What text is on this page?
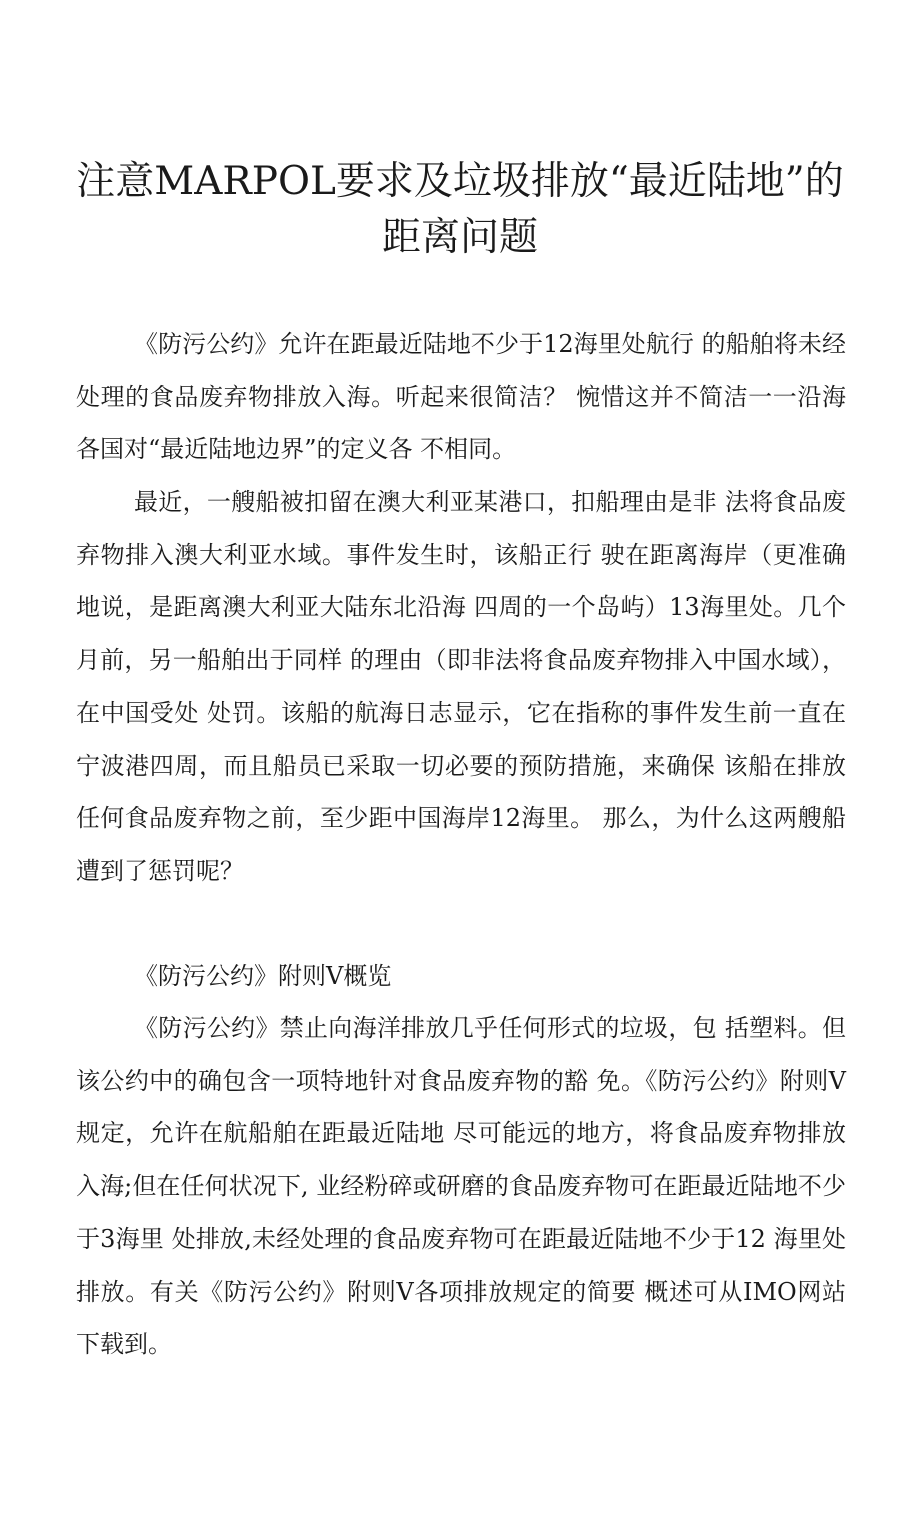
注意MARPOL要求及垃圾排放“最近陆地”的距离问题

《防污公约》允许在距最近陆地不少于12海里处航行 的船舶将未经处理的食品废弃物排放入海。听起来很简洁？ 惋惜这并不简洁一一沿海各国对“最近陆地边界”的定义各 不相同。

最近，一艘船被扣留在澳大利亚某港口，扣船理由是非 法将食品废弃物排入澳大利亚水域。事件发生时，该船正行 驶在距离海岸（更准确地说，是距离澳大利亚大陆东北沿海 四周的一个岛屿）13海里处。几个月前，另一船舶出于同样 的理由（即非法将食品废弃物排入中国水域），在中国受处 处罚。该船的航海日志显示，它在指称的事件发生前一直在 宁波港四周，而且船员已采取一切必要的预防措施，来确保 该船在排放任何食品废弃物之前，至少距中国海岸12海里。 那么，为什么这两艘船遭到了惩罚呢？

《防污公约》附则V概览

《防污公约》禁止向海洋排放几乎任何形式的垃圾，包 括塑料。但该公约中的确包含一项特地针对食品废弃物的豁 免。《防污公约》附则V规定，允许在航船舶在距最近陆地 尽可能远的地方，将食品废弃物排放入海;但在任何状况下, 业经粉碎或研磨的食品废弃物可在距最近陆地不少于3海里 处排放,未经处理的食品废弃物可在距最近陆地不少于12 海里处排放。有关《防污公约》附则V各项排放规定的简要 概述可从IMO网站下载到。
